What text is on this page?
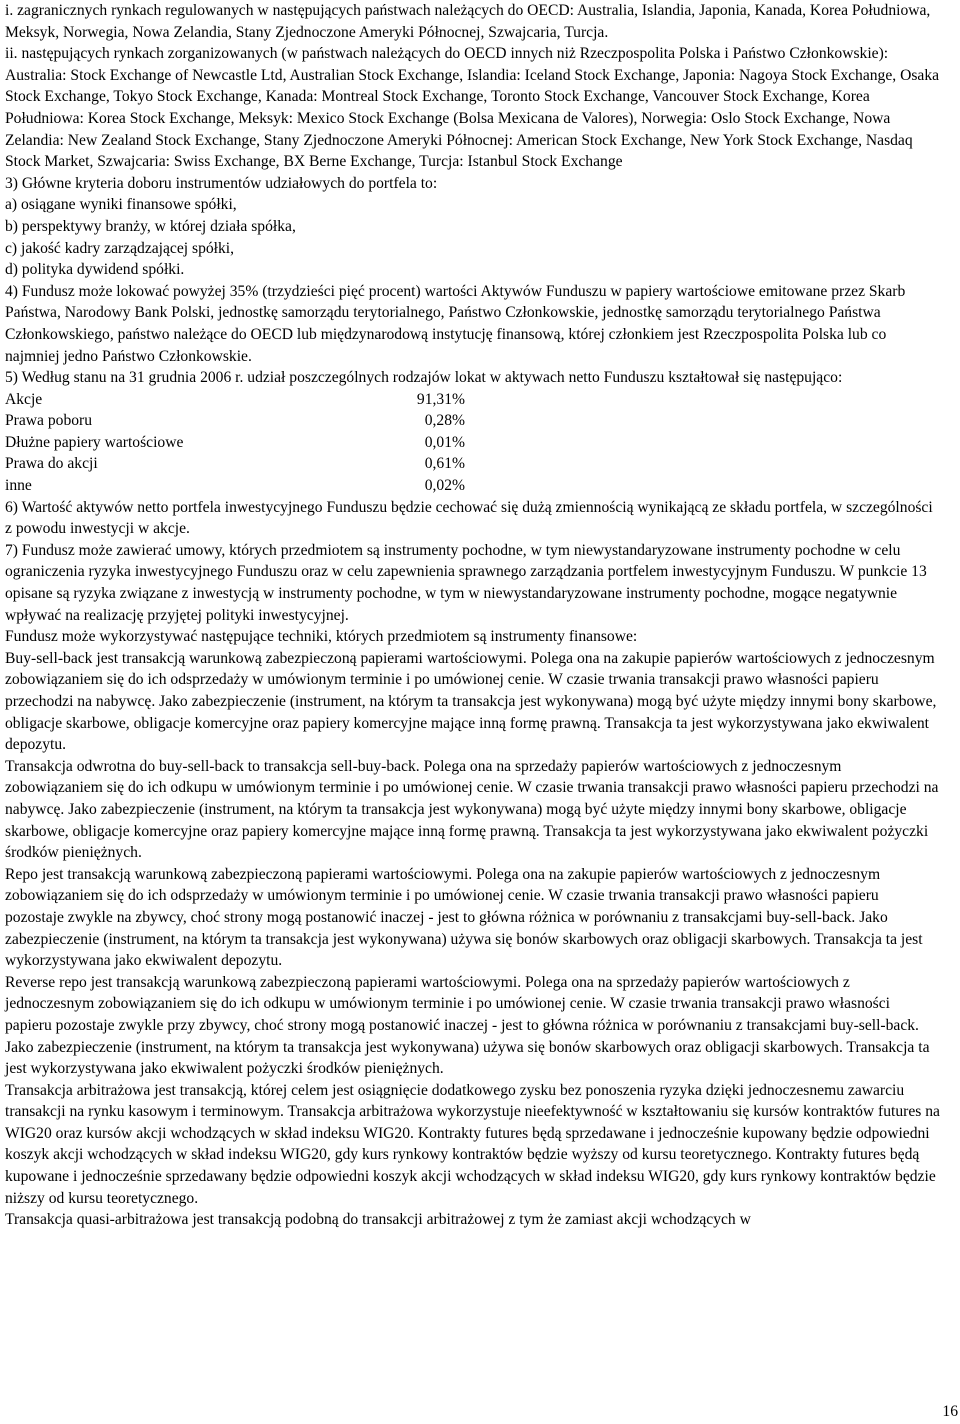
i. zagranicznych rynkach regulowanych w następujących państwach należących do OECD: Australia, Islandia, Japonia, Kanada, Korea Południowa, Meksyk, Norwegia, Nowa Zelandia, Stany Zjednoczone Ameryki Północnej, Szwajcaria, Turcja.

ii. następujących rynkach zorganizowanych (w państwach należących do OECD innych niż Rzeczpospolita Polska i Państwo Członkowskie): Australia: Stock Exchange of Newcastle Ltd, Australian Stock Exchange, Islandia: Iceland Stock Exchange, Japonia: Nagoya Stock Exchange, Osaka Stock Exchange, Tokyo Stock Exchange, Kanada: Montreal Stock Exchange, Toronto Stock Exchange, Vancouver Stock Exchange, Korea Południowa: Korea Stock Exchange, Meksyk: Mexico Stock Exchange (Bolsa Mexicana de Valores), Norwegia: Oslo Stock Exchange, Nowa Zelandia: New Zealand Stock Exchange, Stany Zjednoczone Ameryki Północnej: American Stock Exchange, New York Stock Exchange, Nasdaq Stock Market, Szwajcaria: Swiss Exchange, BX Berne Exchange, Turcja: Istanbul Stock Exchange

3) Główne kryteria doboru instrumentów udziałowych do portfela to:

a) osiągane wyniki finansowe spółki,

b) perspektywy branży, w której działa spółka,

c) jakość kadry zarządzającej spółki,

d) polityka dywidend spółki.

4) Fundusz może lokować powyżej 35% (trzydzieści pięć procent) wartości Aktywów Funduszu w papiery wartościowe emitowane przez Skarb Państwa, Narodowy Bank Polski, jednostkę samorządu terytorialnego, Państwo Członkowskie, jednostkę samorządu terytorialnego Państwa Członkowskiego, państwo należące do OECD lub międzynarodową instytucję finansową, której członkiem jest Rzeczpospolita Polska lub co najmniej jedno Państwo Członkowskie.

5) Według stanu na 31 grudnia 2006 r. udział poszczególnych rodzajów lokat w aktywach netto Funduszu kształtował się następująco:

Akcje	91,31%
Prawa poboru	0,28%
Dłużne papiery wartościowe	0,01%
Prawa do akcji	0,61%
inne	0,02%

6) Wartość aktywów netto portfela inwestycyjnego Funduszu będzie cechować się dużą zmiennością wynikającą ze składu portfela, w szczególności z powodu inwestycji w akcje.

7) Fundusz może zawierać umowy, których przedmiotem są instrumenty pochodne, w tym niewystandaryzowane instrumenty pochodne w celu ograniczenia ryzyka inwestycyjnego Funduszu oraz w celu zapewnienia sprawnego zarządzania portfelem inwestycyjnym Funduszu. W punkcie 13 opisane są ryzyka związane z inwestycją w instrumenty pochodne, w tym w niewystandaryzowane instrumenty pochodne, mogące negatywnie wpływać na realizację przyjętej polityki inwestycyjnej.

Fundusz może wykorzystywać następujące techniki, których przedmiotem są instrumenty finansowe:

Buy-sell-back jest transakcją warunkową zabezpieczoną papierami wartościowymi. Polega ona na zakupie papierów wartościowych z jednoczesnym zobowiązaniem się do ich odsprzedaży w umówionym terminie i po umówionej cenie. W czasie trwania transakcji prawo własności papieru przechodzi na nabywcę. Jako zabezpieczenie (instrument, na którym ta transakcja jest wykonywana) mogą być użyte między innymi bony skarbowe, obligacje skarbowe, obligacje komercyjne oraz papiery komercyjne mające inną formę prawną. Transakcja ta jest wykorzystywana jako ekwiwalent depozytu.

Transakcja odwrotna do buy-sell-back to transakcja sell-buy-back. Polega ona na sprzedaży papierów wartościowych z jednoczesnym zobowiązaniem się do ich odkupu w umówionym terminie i po umówionej cenie. W czasie trwania transakcji prawo własności papieru przechodzi na nabywcę. Jako zabezpieczenie (instrument, na którym ta transakcja jest wykonywana) mogą być użyte między innymi bony skarbowe, obligacje skarbowe, obligacje komercyjne oraz papiery komercyjne mające inną formę prawną. Transakcja ta jest wykorzystywana jako ekwiwalent pożyczki środków pieniężnych.

Repo jest transakcją warunkową zabezpieczoną papierami wartościowymi. Polega ona na zakupie papierów wartościowych z jednoczesnym zobowiązaniem się do ich odsprzedaży w umówionym terminie i po umówionej cenie. W czasie trwania transakcji prawo własności papieru pozostaje zwykle na zbywcy, choć strony mogą postanowić inaczej - jest to główna różnica w porównaniu z transakcjami buy-sell-back. Jako zabezpieczenie (instrument, na którym ta transakcja jest wykonywana) używa się bonów skarbowych oraz obligacji skarbowych. Transakcja ta jest wykorzystywana jako ekwiwalent depozytu.

Reverse repo jest transakcją warunkową zabezpieczoną papierami wartościowymi. Polega ona na sprzedaży papierów wartościowych z jednoczesnym zobowiązaniem się do ich odkupu w umówionym terminie i po umówionej cenie. W czasie trwania transakcji prawo własności papieru pozostaje zwykle przy zbywcy, choć strony mogą postanowić inaczej - jest to główna różnica w porównaniu z transakcjami buy-sell-back. Jako zabezpieczenie (instrument, na którym ta transakcja jest wykonywana) używa się bonów skarbowych oraz obligacji skarbowych. Transakcja ta jest wykorzystywana jako ekwiwalent pożyczki środków pieniężnych.

Transakcja arbitrażowa jest transakcją, której celem jest osiągnięcie dodatkowego zysku bez ponoszenia ryzyka dzięki jednoczesnemu zawarciu transakcji na rynku kasowym i terminowym. Transakcja arbitrażowa wykorzystuje nieefektywność w kształtowaniu się kursów kontraktów futures na WIG20 oraz kursów akcji wchodzących w skład indeksu WIG20. Kontrakty futures będą sprzedawane i jednocześnie kupowany będzie odpowiedni koszyk akcji wchodzących w skład indeksu WIG20, gdy kurs rynkowy kontraktów będzie wyższy od kursu teoretycznego. Kontrakty futures będą kupowane i jednocześnie sprzedawany będzie odpowiedni koszyk akcji wchodzących w skład indeksu WIG20, gdy kurs rynkowy kontraktów będzie niższy od kursu teoretycznego.

Transakcja quasi-arbitrażowa jest transakcją podobną do transakcji arbitrażowej z tym że zamiast akcji wchodzących w

16
